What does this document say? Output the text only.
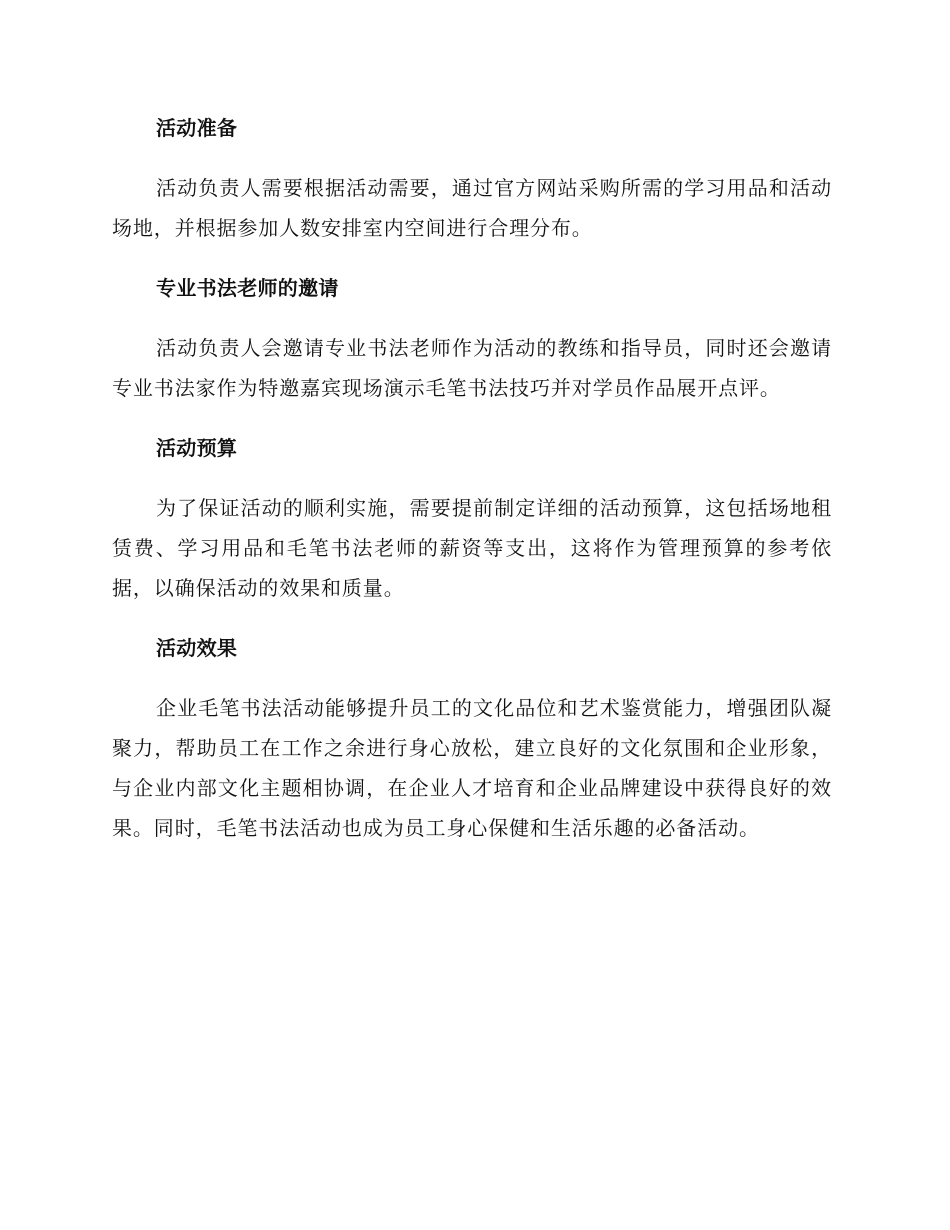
活动准备

活动负责人需要根据活动需要，通过官方网站采购所需的学习用品和活动场地，并根据参加人数安排室内空间进行合理分布。

专业书法老师的邀请

活动负责人会邀请专业书法老师作为活动的教练和指导员，同时还会邀请专业书法家作为特邀嘉宾现场演示毛笔书法技巧并对学员作品展开点评。

活动预算

为了保证活动的顺利实施，需要提前制定详细的活动预算，这包括场地租赁费、学习用品和毛笔书法老师的薪资等支出，这将作为管理预算的参考依据，以确保活动的效果和质量。

活动效果

企业毛笔书法活动能够提升员工的文化品位和艺术鉴赏能力，增强团队凝聚力，帮助员工在工作之余进行身心放松，建立良好的文化氛围和企业形象，与企业内部文化主题相协调，在企业人才培育和企业品牌建设中获得良好的效果。同时，毛笔书法活动也成为员工身心保健和生活乐趣的必备活动。
